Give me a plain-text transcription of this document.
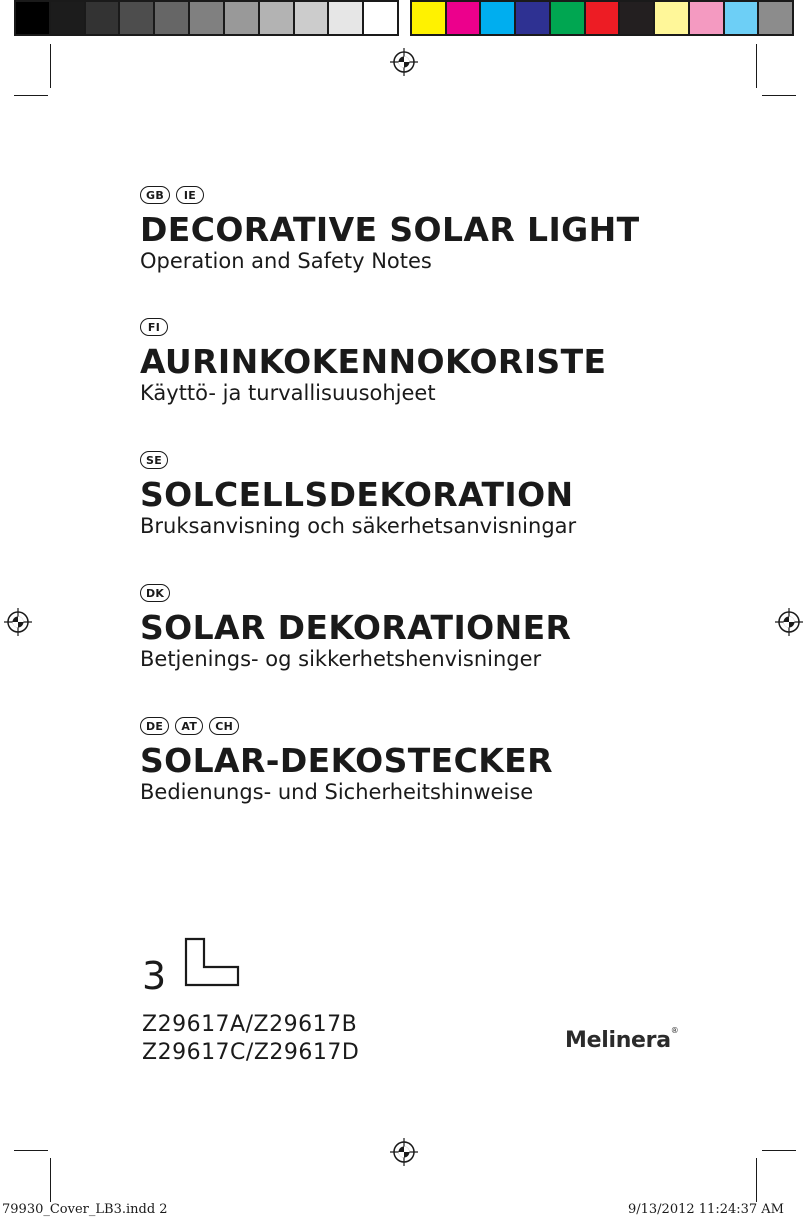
GB	IE
DECORATIVE SOLAR LIGHT

Operation and Safety Notes

FI
AURINKOKENNOKORISTE

Käyttö- ja turvallisuusohjeet

SE
SOLCELLSDEKORATION

Bruksanvisning och säkerhetsanvisningar

DK
SOLAR DEKORATIONER

Betjenings- og sikkerhetshenvisninger

DE	AT	CH
SOLAR-DEKOSTECKER

Bedienungs- und Sicherheitshinweise

3
Z29617A/Z29617B
Z29617C/Z29617D	Melinera®
79930_Cover_LB3.indd 2	9/13/2012 11:24:37 AM
